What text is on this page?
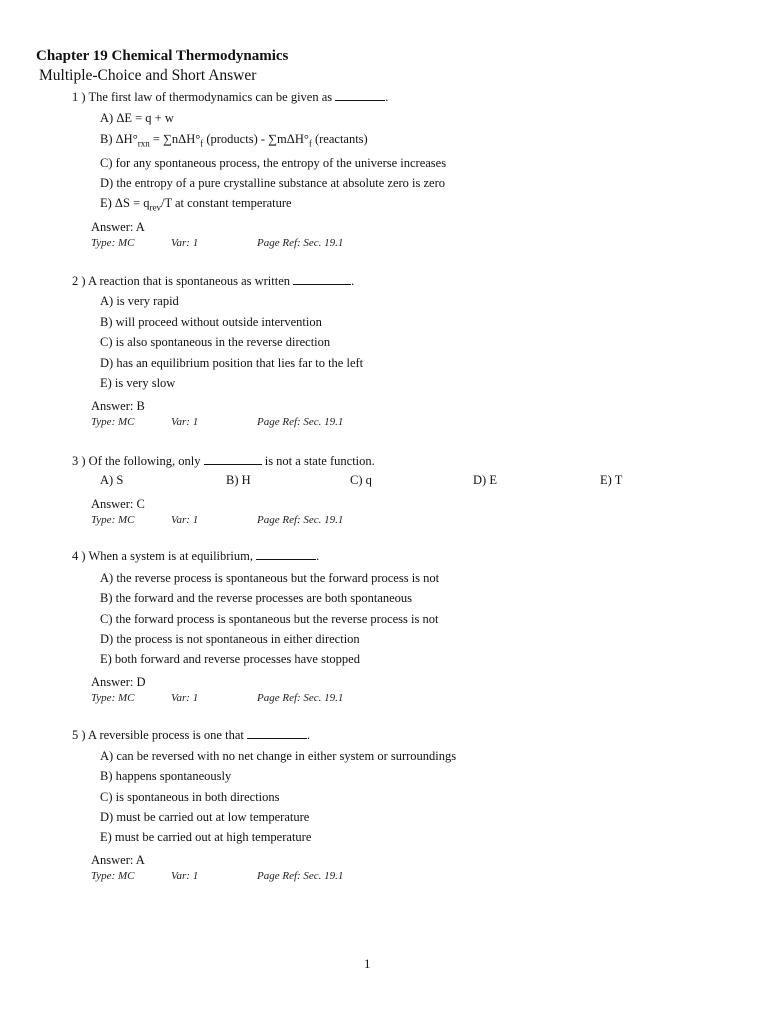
Chapter 19 Chemical Thermodynamics
Multiple-Choice and Short Answer
1 ) The first law of thermodynamics can be given as	.
A) ΔE = q + w
B) $\Delta H^\circ_{rxn} = \sum n\Delta H^\circ_f$ (products) - $\sum m\Delta H^\circ_f$ (reactants)
C) for any spontaneous process, the entropy of the universe increases
D) the entropy of a pure crystalline substance at absolute zero is zero
E) $\Delta S = q_{rev}/T$ at constant temperature
Answer: A
Type: MC	Var: 1	Page Ref: Sec. 19.1
2 ) A reaction that is spontaneous as written	.
A) is very rapid
B) will proceed without outside intervention
C) is also spontaneous in the reverse direction
D) has an equilibrium position that lies far to the left
E) is very slow
Answer: B
Type: MC	Var: 1	Page Ref: Sec. 19.1
3 ) Of the following, only	is not a state function.
A) S	B) H	C) q	D) E	E) T
Answer: C
Type: MC	Var: 1	Page Ref: Sec. 19.1
4 ) When a system is at equilibrium,	.
A) the reverse process is spontaneous but the forward process is not
B) the forward and the reverse processes are both spontaneous
C) the forward process is spontaneous but the reverse process is not
D) the process is not spontaneous in either direction
E) both forward and reverse processes have stopped
Answer: D
Type: MC	Var: 1	Page Ref: Sec. 19.1
5 ) A reversible process is one that	.
A) can be reversed with no net change in either system or surroundings
B) happens spontaneously
C) is spontaneous in both directions
D) must be carried out at low temperature
E) must be carried out at high temperature
Answer: A
Type: MC	Var: 1	Page Ref: Sec. 19.1
1
